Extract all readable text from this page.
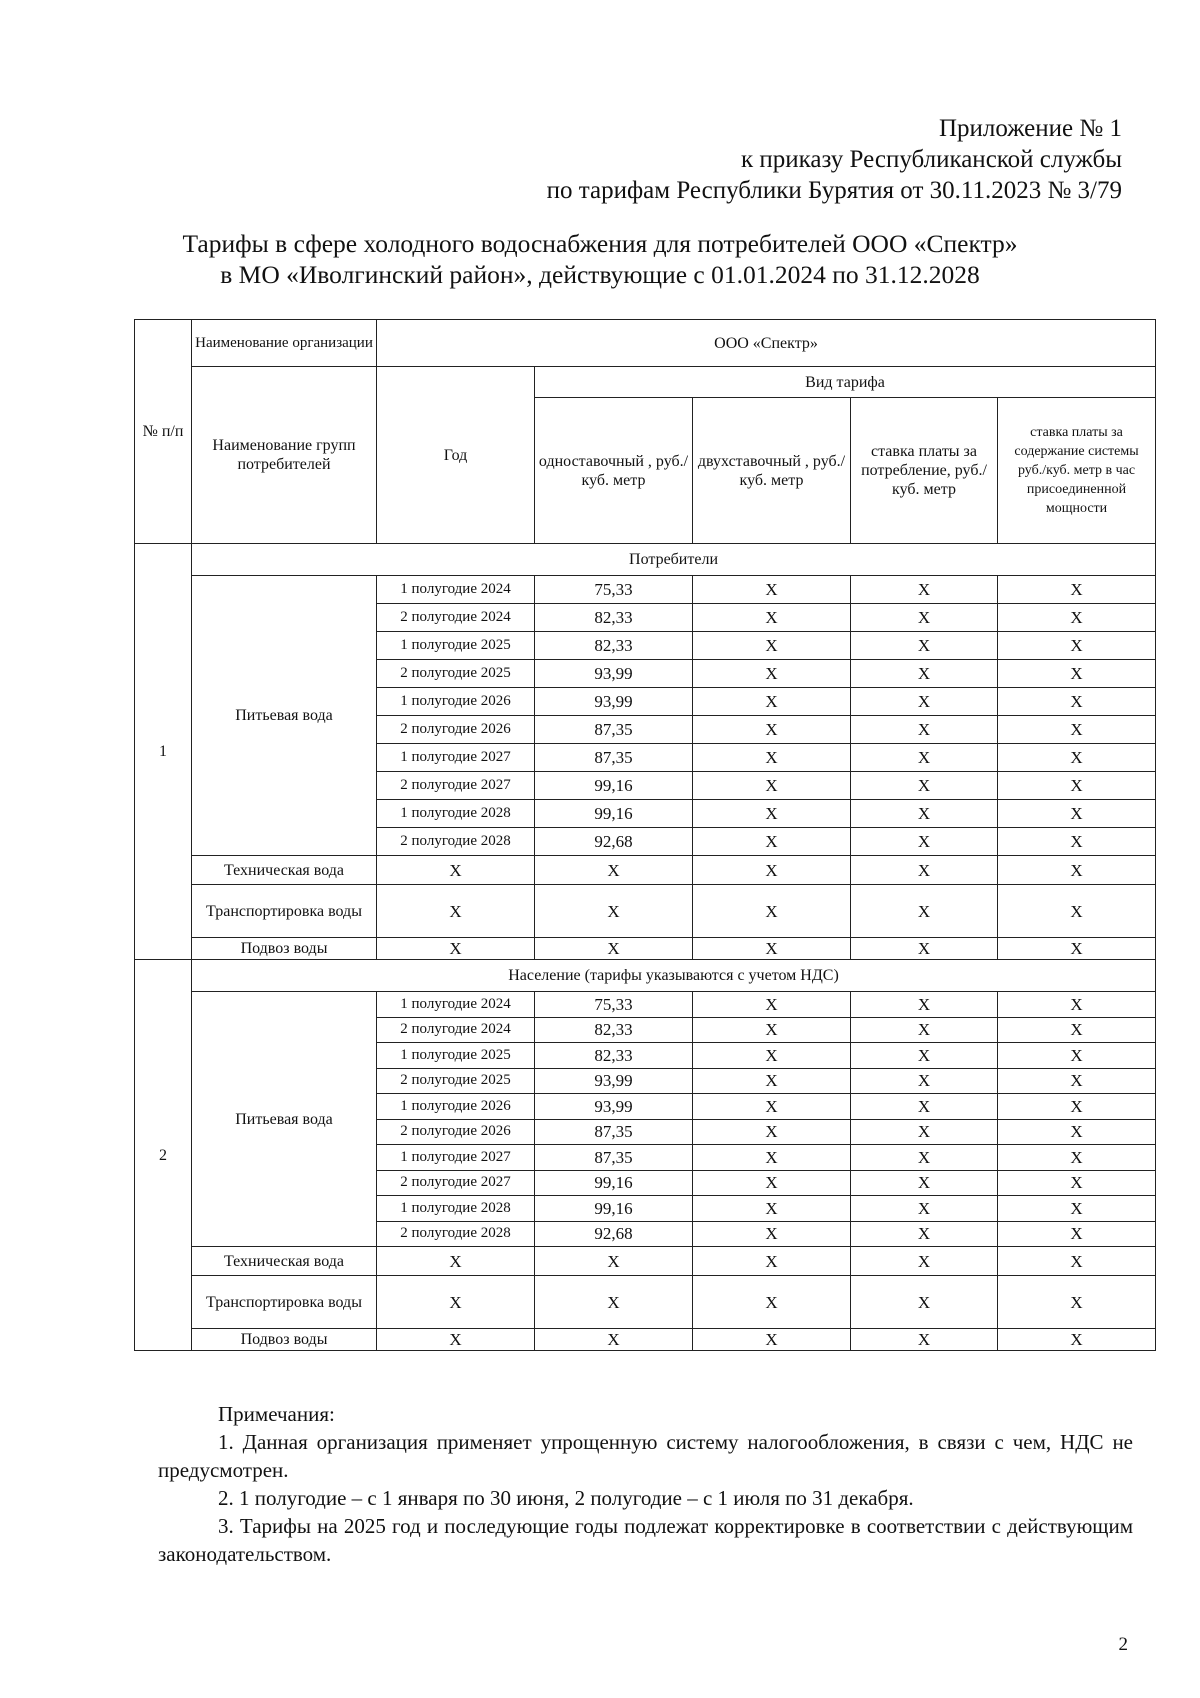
Приложение № 1
к приказу Республиканской службы
по тарифам Республики Бурятия от 30.11.2023 № 3/79
Тарифы в сфере холодного водоснабжения для потребителей ООО «Спектр»
в МО «Иволгинский район», действующие с 01.01.2024 по 31.12.2028
№ п/п	Наименование организации	ООО «Спектр»				
	Наименование групп потребителей	Год	Вид тарифа			
			одноставочный , руб./ куб. метр	двухставочный , руб./ куб. метр	ставка платы за потребление, руб./ куб. метр	ставка платы за содержание системы руб./куб. метр в час присоединенной мощности
1	Потребители					
	Питьевая вода	1 полугодие 2024	75,33	X	X	X
		2 полугодие 2024	82,33	X	X	X
		1 полугодие 2025	82,33	X	X	X
		2 полугодие 2025	93,99	X	X	X
		1 полугодие 2026	93,99	X	X	X
		2 полугодие 2026	87,35	X	X	X
		1 полугодие 2027	87,35	X	X	X
		2 полугодие 2027	99,16	X	X	X
		1 полугодие 2028	99,16	X	X	X
		2 полугодие 2028	92,68	X	X	X
	Техническая вода	X	X	X	X	X
	Транспортировка воды	X	X	X	X	X
	Подвоз воды	X	X	X	X	X
2	Население (тарифы указываются с учетом НДС)					
	Питьевая вода	1 полугодие 2024	75,33	X	X	X
		2 полугодие 2024	82,33	X	X	X
		1 полугодие 2025	82,33	X	X	X
		2 полугодие 2025	93,99	X	X	X
		1 полугодие 2026	93,99	X	X	X
		2 полугодие 2026	87,35	X	X	X
		1 полугодие 2027	87,35	X	X	X
		2 полугодие 2027	99,16	X	X	X
		1 полугодие 2028	99,16	X	X	X
		2 полугодие 2028	92,68	X	X	X
	Техническая вода	X	X	X	X	X
	Транспортировка воды	X	X	X	X	X
	Подвоз воды	X	X	X	X	X

Примечания:

1. Данная организация применяет упрощенную систему налогообложения, в связи с чем, НДС не предусмотрен.

2. 1 полугодие – с 1 января по 30 июня, 2 полугодие – с 1 июля по 31 декабря.

3. Тарифы на 2025 год и последующие годы подлежат корректировке в соответствии с действующим законодательством.

2
